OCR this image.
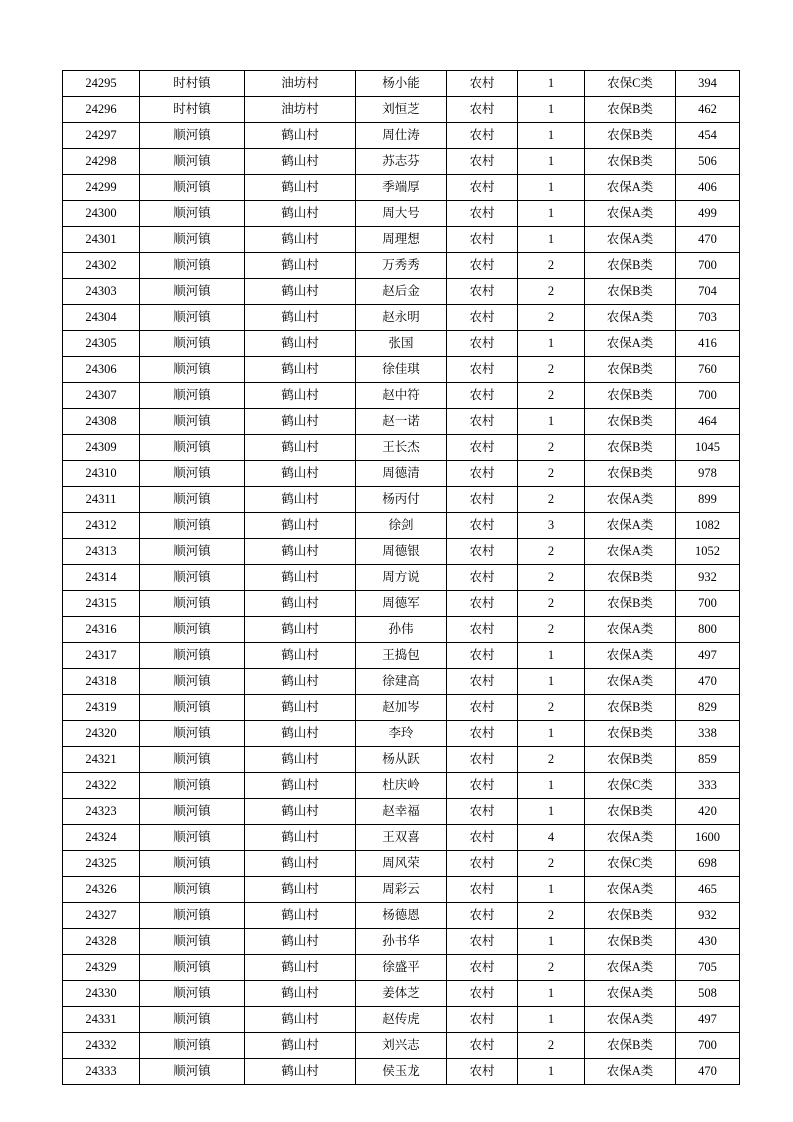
24295	时村镇	油坊村	杨小能	农村	1	农保C类	394
24296	时村镇	油坊村	刘恒芝	农村	1	农保B类	462
24297	顺河镇	鹤山村	周仕涛	农村	1	农保B类	454
24298	顺河镇	鹤山村	苏志芬	农村	1	农保B类	506
24299	顺河镇	鹤山村	季端厚	农村	1	农保A类	406
24300	顺河镇	鹤山村	周大号	农村	1	农保A类	499
24301	顺河镇	鹤山村	周理想	农村	1	农保A类	470
24302	顺河镇	鹤山村	万秀秀	农村	2	农保B类	700
24303	顺河镇	鹤山村	赵后金	农村	2	农保B类	704
24304	顺河镇	鹤山村	赵永明	农村	2	农保A类	703
24305	顺河镇	鹤山村	张国	农村	1	农保A类	416
24306	顺河镇	鹤山村	徐佳琪	农村	2	农保B类	760
24307	顺河镇	鹤山村	赵中符	农村	2	农保B类	700
24308	顺河镇	鹤山村	赵一诺	农村	1	农保B类	464
24309	顺河镇	鹤山村	王长杰	农村	2	农保B类	1045
24310	顺河镇	鹤山村	周德清	农村	2	农保B类	978
24311	顺河镇	鹤山村	杨丙付	农村	2	农保A类	899
24312	顺河镇	鹤山村	徐剑	农村	3	农保A类	1082
24313	顺河镇	鹤山村	周德银	农村	2	农保A类	1052
24314	顺河镇	鹤山村	周方说	农村	2	农保B类	932
24315	顺河镇	鹤山村	周德军	农村	2	农保B类	700
24316	顺河镇	鹤山村	孙伟	农村	2	农保A类	800
24317	顺河镇	鹤山村	王捣包	农村	1	农保A类	497
24318	顺河镇	鹤山村	徐建高	农村	1	农保A类	470
24319	顺河镇	鹤山村	赵加岑	农村	2	农保B类	829
24320	顺河镇	鹤山村	李玲	农村	1	农保B类	338
24321	顺河镇	鹤山村	杨从跃	农村	2	农保B类	859
24322	顺河镇	鹤山村	杜庆岭	农村	1	农保C类	333
24323	顺河镇	鹤山村	赵幸福	农村	1	农保B类	420
24324	顺河镇	鹤山村	王双喜	农村	4	农保A类	1600
24325	顺河镇	鹤山村	周风荣	农村	2	农保C类	698
24326	顺河镇	鹤山村	周彩云	农村	1	农保A类	465
24327	顺河镇	鹤山村	杨德恩	农村	2	农保B类	932
24328	顺河镇	鹤山村	孙书华	农村	1	农保B类	430
24329	顺河镇	鹤山村	徐盛平	农村	2	农保A类	705
24330	顺河镇	鹤山村	姜体芝	农村	1	农保A类	508
24331	顺河镇	鹤山村	赵传虎	农村	1	农保A类	497
24332	顺河镇	鹤山村	刘兴志	农村	2	农保B类	700
24333	顺河镇	鹤山村	侯玉龙	农村	1	农保A类	470
